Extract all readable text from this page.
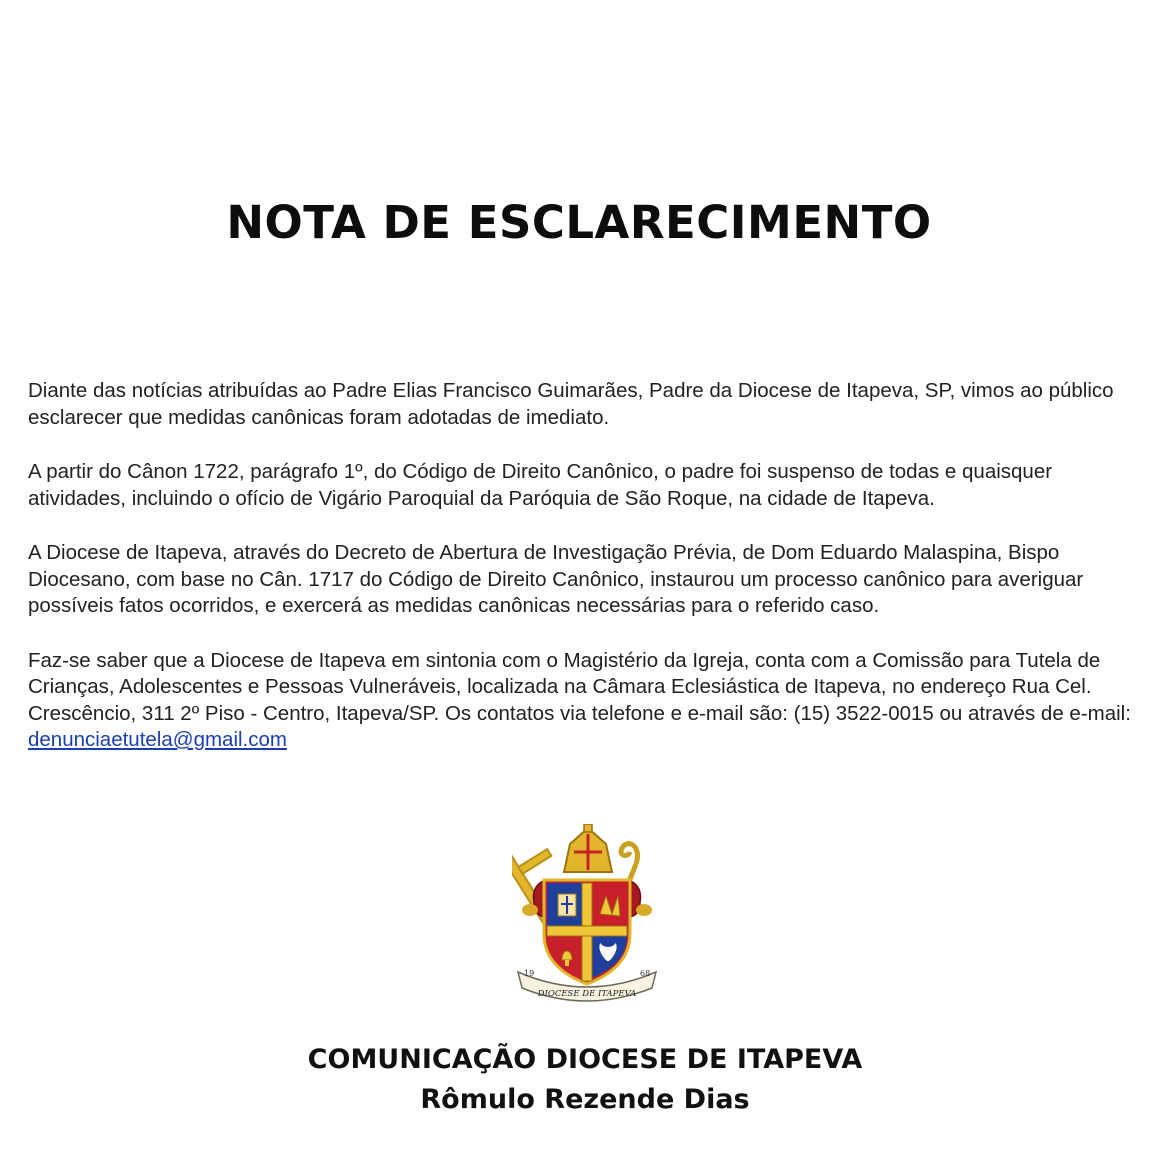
NOTA DE ESCLARECIMENTO

Diante das notícias atribuídas ao Padre Elias Francisco Guimarães, Padre da Diocese de Itapeva, SP, vimos ao público esclarecer que medidas canônicas foram adotadas de imediato.

A partir do Cânon 1722, parágrafo 1º, do Código de Direito Canônico, o padre foi suspenso de todas e quaisquer atividades, incluindo o ofício de Vigário Paroquial da Paróquia de São Roque, na cidade de Itapeva.

A Diocese de Itapeva, através do Decreto de Abertura de Investigação Prévia, de Dom Eduardo Malaspina, Bispo Diocesano, com base no Cân. 1717 do Código de Direito Canônico, instaurou um processo canônico para averiguar possíveis fatos ocorridos, e exercerá as medidas canônicas necessárias para o referido caso.

Faz-se saber que a Diocese de Itapeva em sintonia com o Magistério da Igreja, conta com a Comissão para Tutela de Crianças, Adolescentes e Pessoas Vulneráveis, localizada na Câmara Eclesiástica de Itapeva, no endereço Rua Cel. Crescêncio, 311 2º Piso - Centro, Itapeva/SP. Os contatos via telefone e e-mail são: (15) 3522-0015 ou através de e-mail: denunciaetutela@gmail.com

19	68
DIOCESE DE ITAPEVA
COMUNICAÇÃO DIOCESE DE ITAPEVA
Rômulo Rezende Dias
